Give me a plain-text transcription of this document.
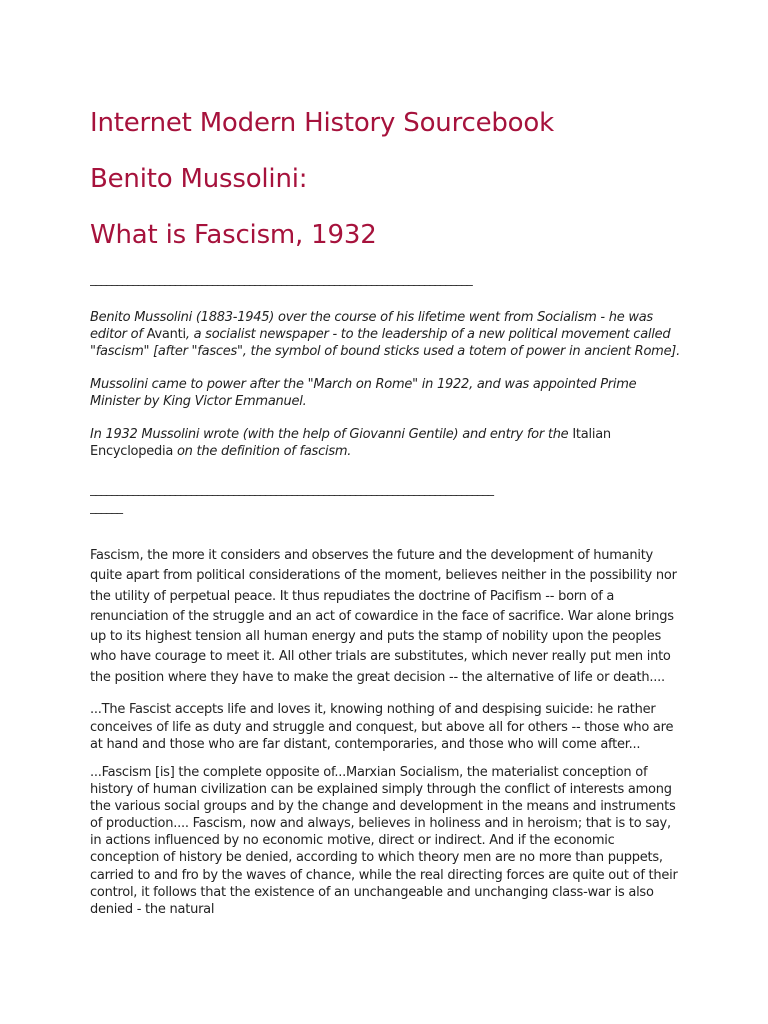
Internet Modern History Sourcebook
Benito Mussolini:
What is Fascism, 1932
________________________________________________________________________
Benito Mussolini (1883-1945) over the course of his lifetime went from Socialism - he was editor of Avanti, a socialist newspaper - to the leadership of a new political movement called "fascism" [after "fasces", the symbol of bound sticks used a totem of power in ancient Rome].
Mussolini came to power after the "March on Rome" in 1922, and was appointed Prime Minister by King Victor Emmanuel.
In 1932 Mussolini wrote (with the help of Giovanni Gentile) and entry for the Italian Encyclopedia on the definition of fascism.
____________________________________________________________________________
______
Fascism, the more it considers and observes the future and the development of humanity quite apart from political considerations of the moment, believes neither in the possibility nor the utility of perpetual peace. It thus repudiates the doctrine of Pacifism -- born of a renunciation of the struggle and an act of cowardice in the face of sacrifice. War alone brings up to its highest tension all human energy and puts the stamp of nobility upon the peoples who have courage to meet it. All other trials are substitutes, which never really put men into the position where they have to make the great decision -- the alternative of life or death....
...The Fascist accepts life and loves it, knowing nothing of and despising suicide: he rather conceives of life as duty and struggle and conquest, but above all for others -- those who are at hand and those who are far distant, contemporaries, and those who will come after...
...Fascism [is] the complete opposite of...Marxian Socialism, the materialist conception of history of human civilization can be explained simply through the conflict of interests among the various social groups and by the change and development in the means and instruments of production.... Fascism, now and always, believes in holiness and in heroism; that is to say, in actions influenced by no economic motive, direct or indirect. And if the economic conception of history be denied, according to which theory men are no more than puppets, carried to and fro by the waves of chance, while the real directing forces are quite out of their control, it follows that the existence of an unchangeable and unchanging class-war is also denied - the natural
